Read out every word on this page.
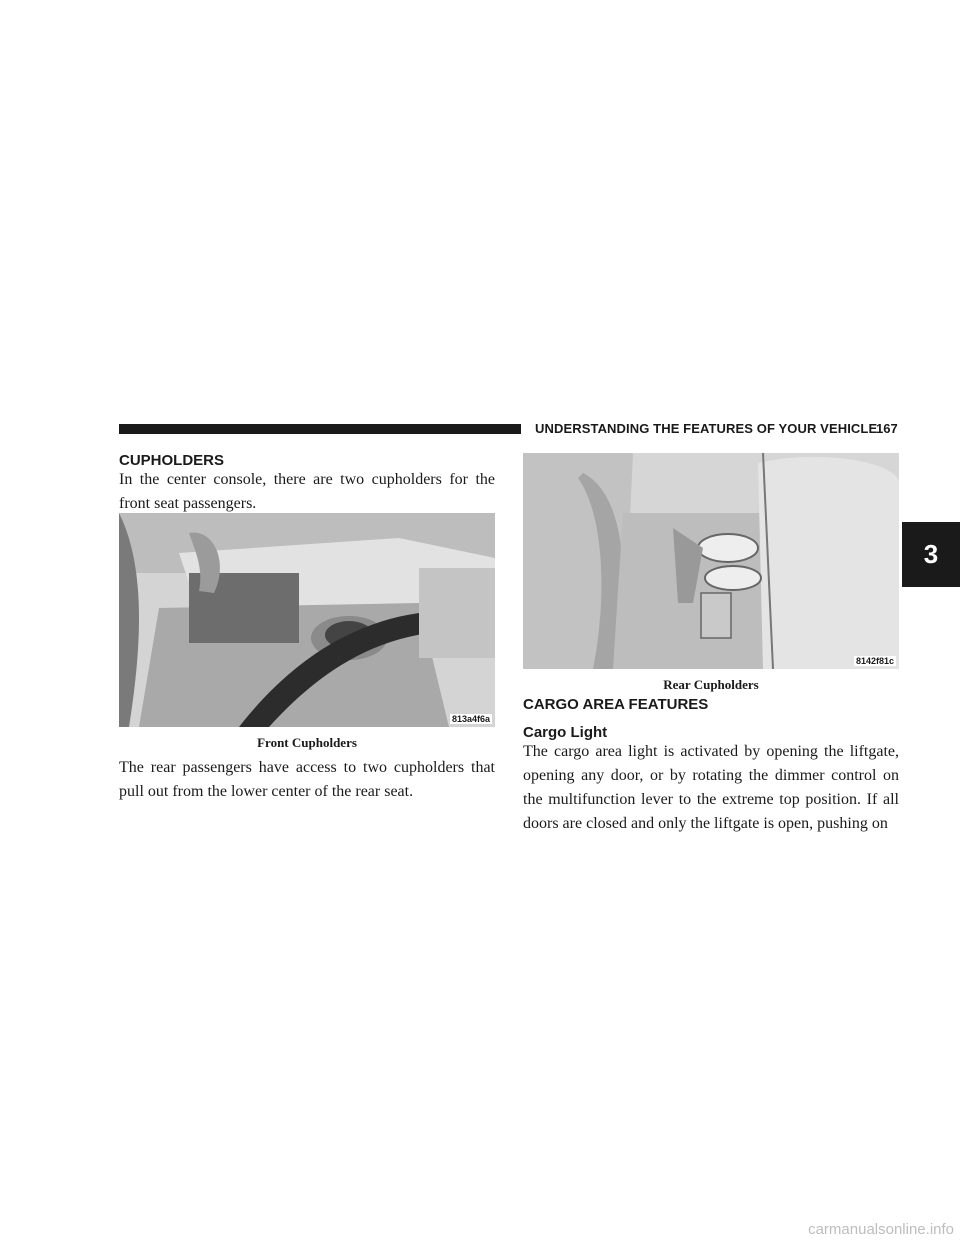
UNDERSTANDING THE FEATURES OF YOUR VEHICLE
167
3
CUPHOLDERS
In the center console, there are two cupholders for the front seat passengers.
813a4f6a
Front Cupholders
The rear passengers have access to two cupholders that pull out from the lower center of the rear seat.
8142f81c
Rear Cupholders
CARGO AREA FEATURES
Cargo Light
The cargo area light is activated by opening the liftgate, opening any door, or by rotating the dimmer control on the multifunction lever to the extreme top position. If all doors are closed and only the liftgate is open, pushing on
carmanualsonline.info
